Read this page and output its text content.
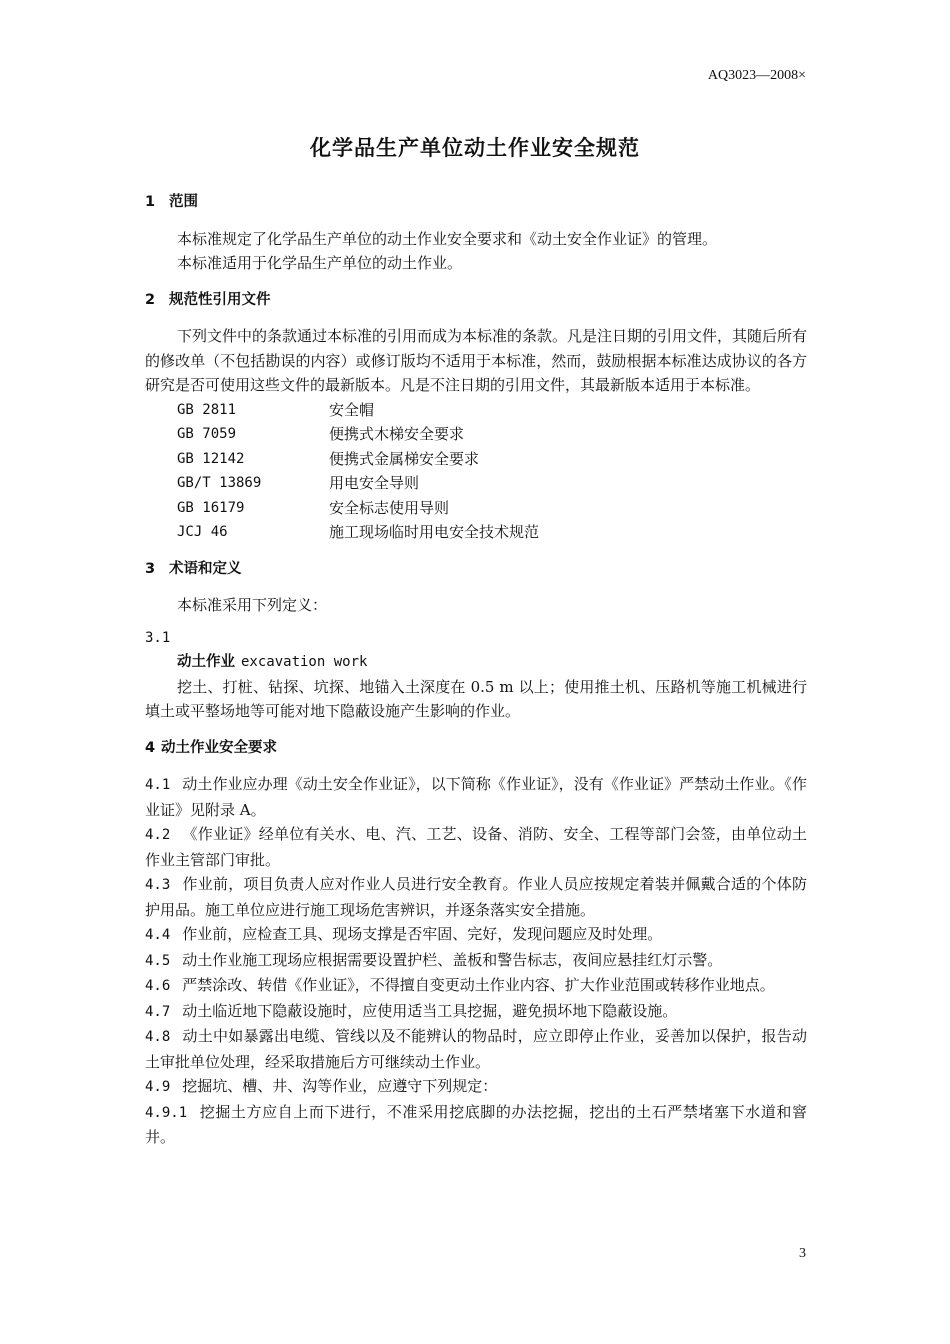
AQ3023—2008×
化学品生产单位动土作业安全规范

1 范围

本标准规定了化学品生产单位的动土作业安全要求和《动土安全作业证》的管理。

本标准适用于化学品生产单位的动土作业。

2 规范性引用文件

下列文件中的条款通过本标准的引用而成为本标准的条款。凡是注日期的引用文件，其随后所有的修改单（不包括勘误的内容）或修订版均不适用于本标准，然而，鼓励根据本标准达成协议的各方研究是否可使用这些文件的最新版本。凡是不注日期的引用文件，其最新版本适用于本标准。

GB 2811	安全帽
GB 7059	便携式木梯安全要求
GB 12142	便携式金属梯安全要求
GB/T 13869	用电安全导则
GB 16179	安全标志使用导则
JCJ 46	施工现场临时用电安全技术规范

3 术语和定义

本标准采用下列定义：

3.1

动土作业 excavation work

挖土、打桩、钻探、坑探、地锚入土深度在 0.5 m 以上；使用推土机、压路机等施工机械进行填土或平整场地等可能对地下隐蔽设施产生影响的作业。

4 动土作业安全要求

4.1 动土作业应办理《动土安全作业证》，以下简称《作业证》，没有《作业证》严禁动土作业。《作业证》见附录 A。

4.2 《作业证》经单位有关水、电、汽、工艺、设备、消防、安全、工程等部门会签，由单位动土作业主管部门审批。

4.3 作业前，项目负责人应对作业人员进行安全教育。作业人员应按规定着装并佩戴合适的个体防护用品。施工单位应进行施工现场危害辨识，并逐条落实安全措施。

4.4 作业前，应检查工具、现场支撑是否牢固、完好，发现问题应及时处理。

4.5 动土作业施工现场应根据需要设置护栏、盖板和警告标志，夜间应悬挂红灯示警。

4.6 严禁涂改、转借《作业证》，不得擅自变更动土作业内容、扩大作业范围或转移作业地点。

4.7 动土临近地下隐蔽设施时，应使用适当工具挖掘，避免损坏地下隐蔽设施。

4.8 动土中如暴露出电缆、管线以及不能辨认的物品时，应立即停止作业，妥善加以保护，报告动土审批单位处理，经采取措施后方可继续动土作业。

4.9 挖掘坑、槽、井、沟等作业，应遵守下列规定：

4.9.1 挖掘土方应自上而下进行，不准采用挖底脚的办法挖掘，挖出的土石严禁堵塞下水道和窨井。

3
